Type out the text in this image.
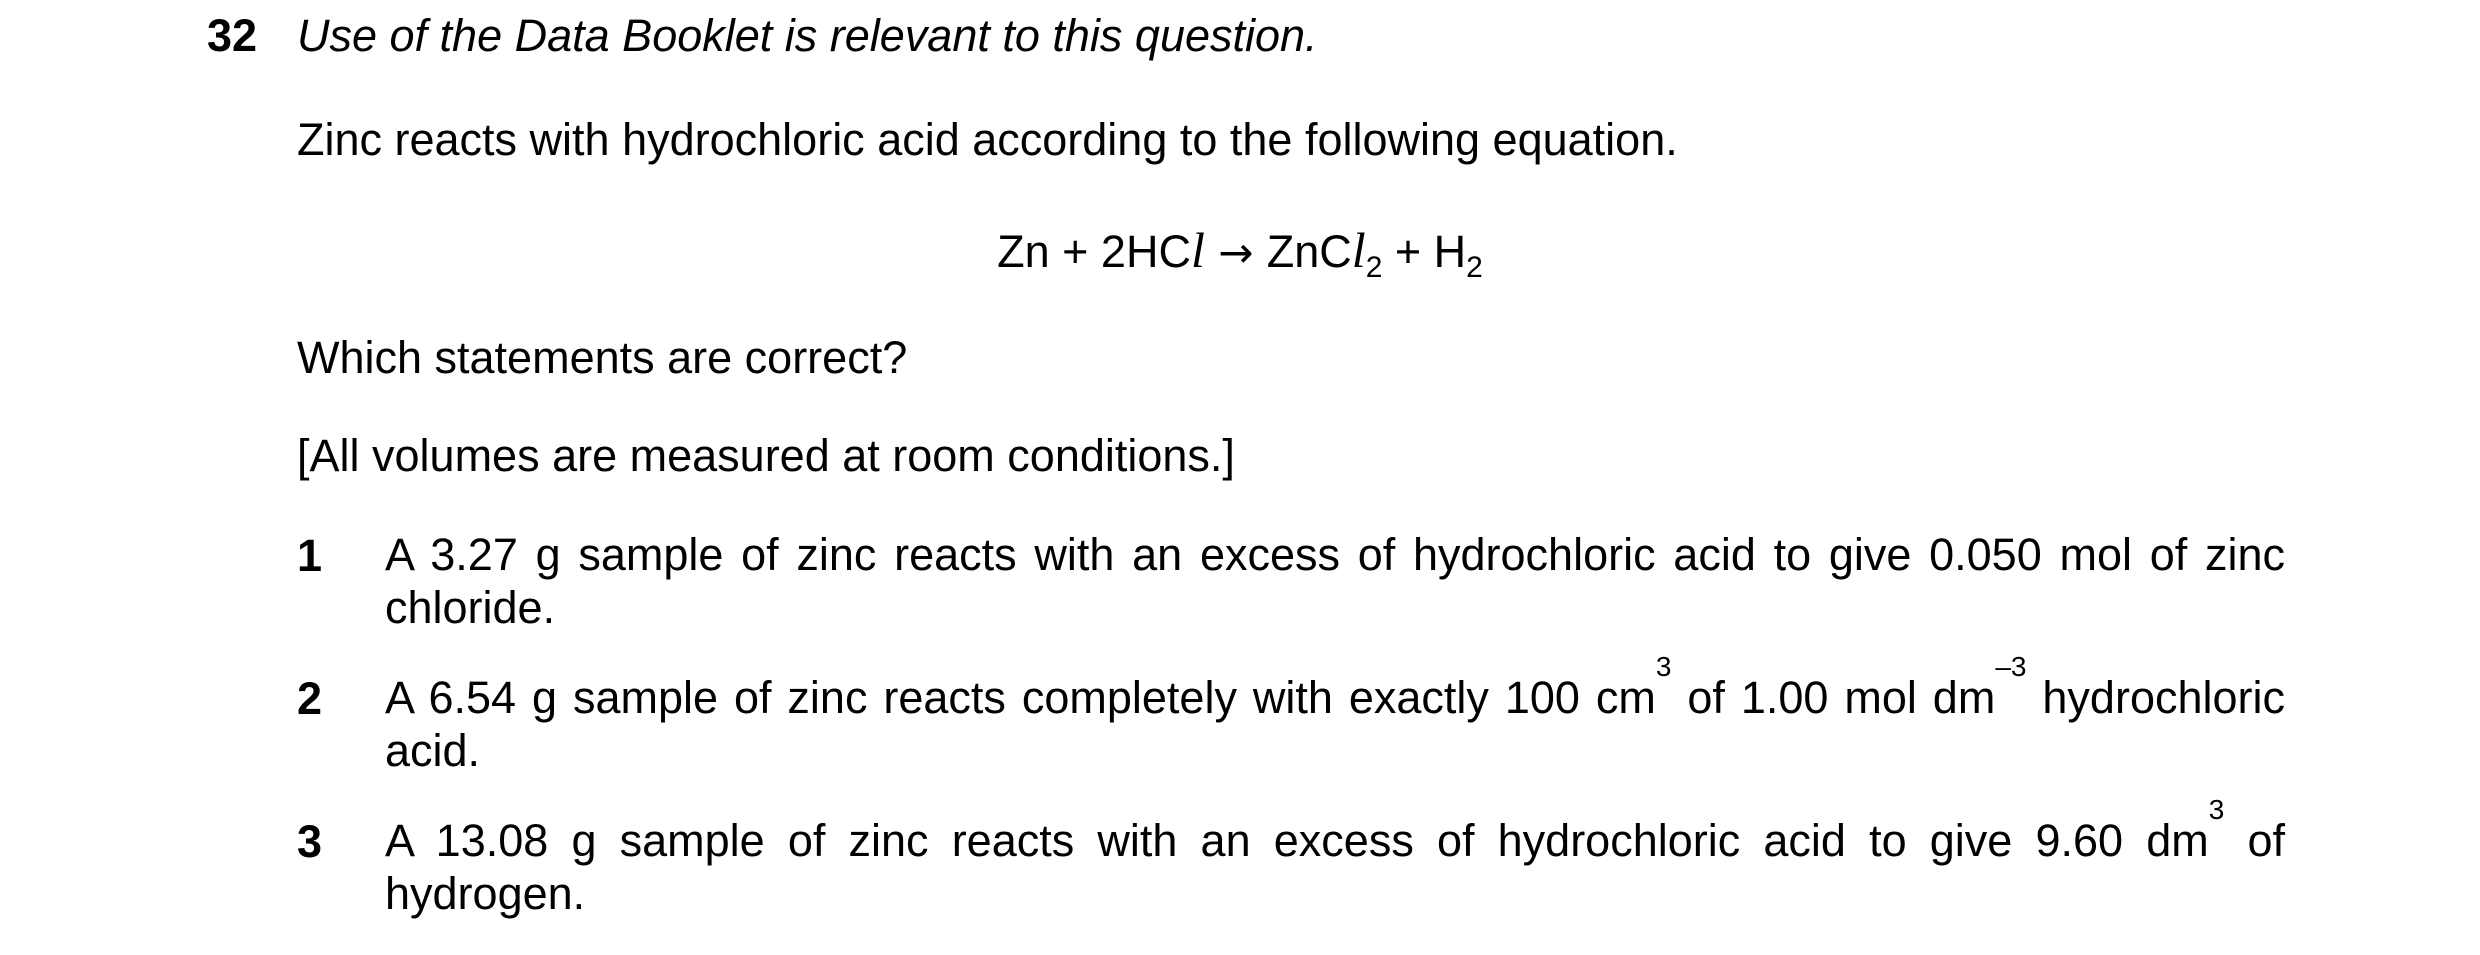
32 Use of the Data Booklet is relevant to this question.
Zinc reacts with hydrochloric acid according to the following equation.
Zn + 2HCl → ZnCl$_2$ + $H_2$
Which statements are correct?
[All volumes are measured at room conditions.]
1 A 3.27 g sample of zinc reacts with an excess of hydrochloric acid to give 0.050 mol of zinc chloride.
2 A 6.54 g sample of zinc reacts completely with exactly 100 $cm^3$ of 1.00 mol $dm^{-3}$ hydrochloric acid.
3 A 13.08 g sample of zinc reacts with an excess of hydrochloric acid to give 9.60 $dm^3$ of hydrogen.
